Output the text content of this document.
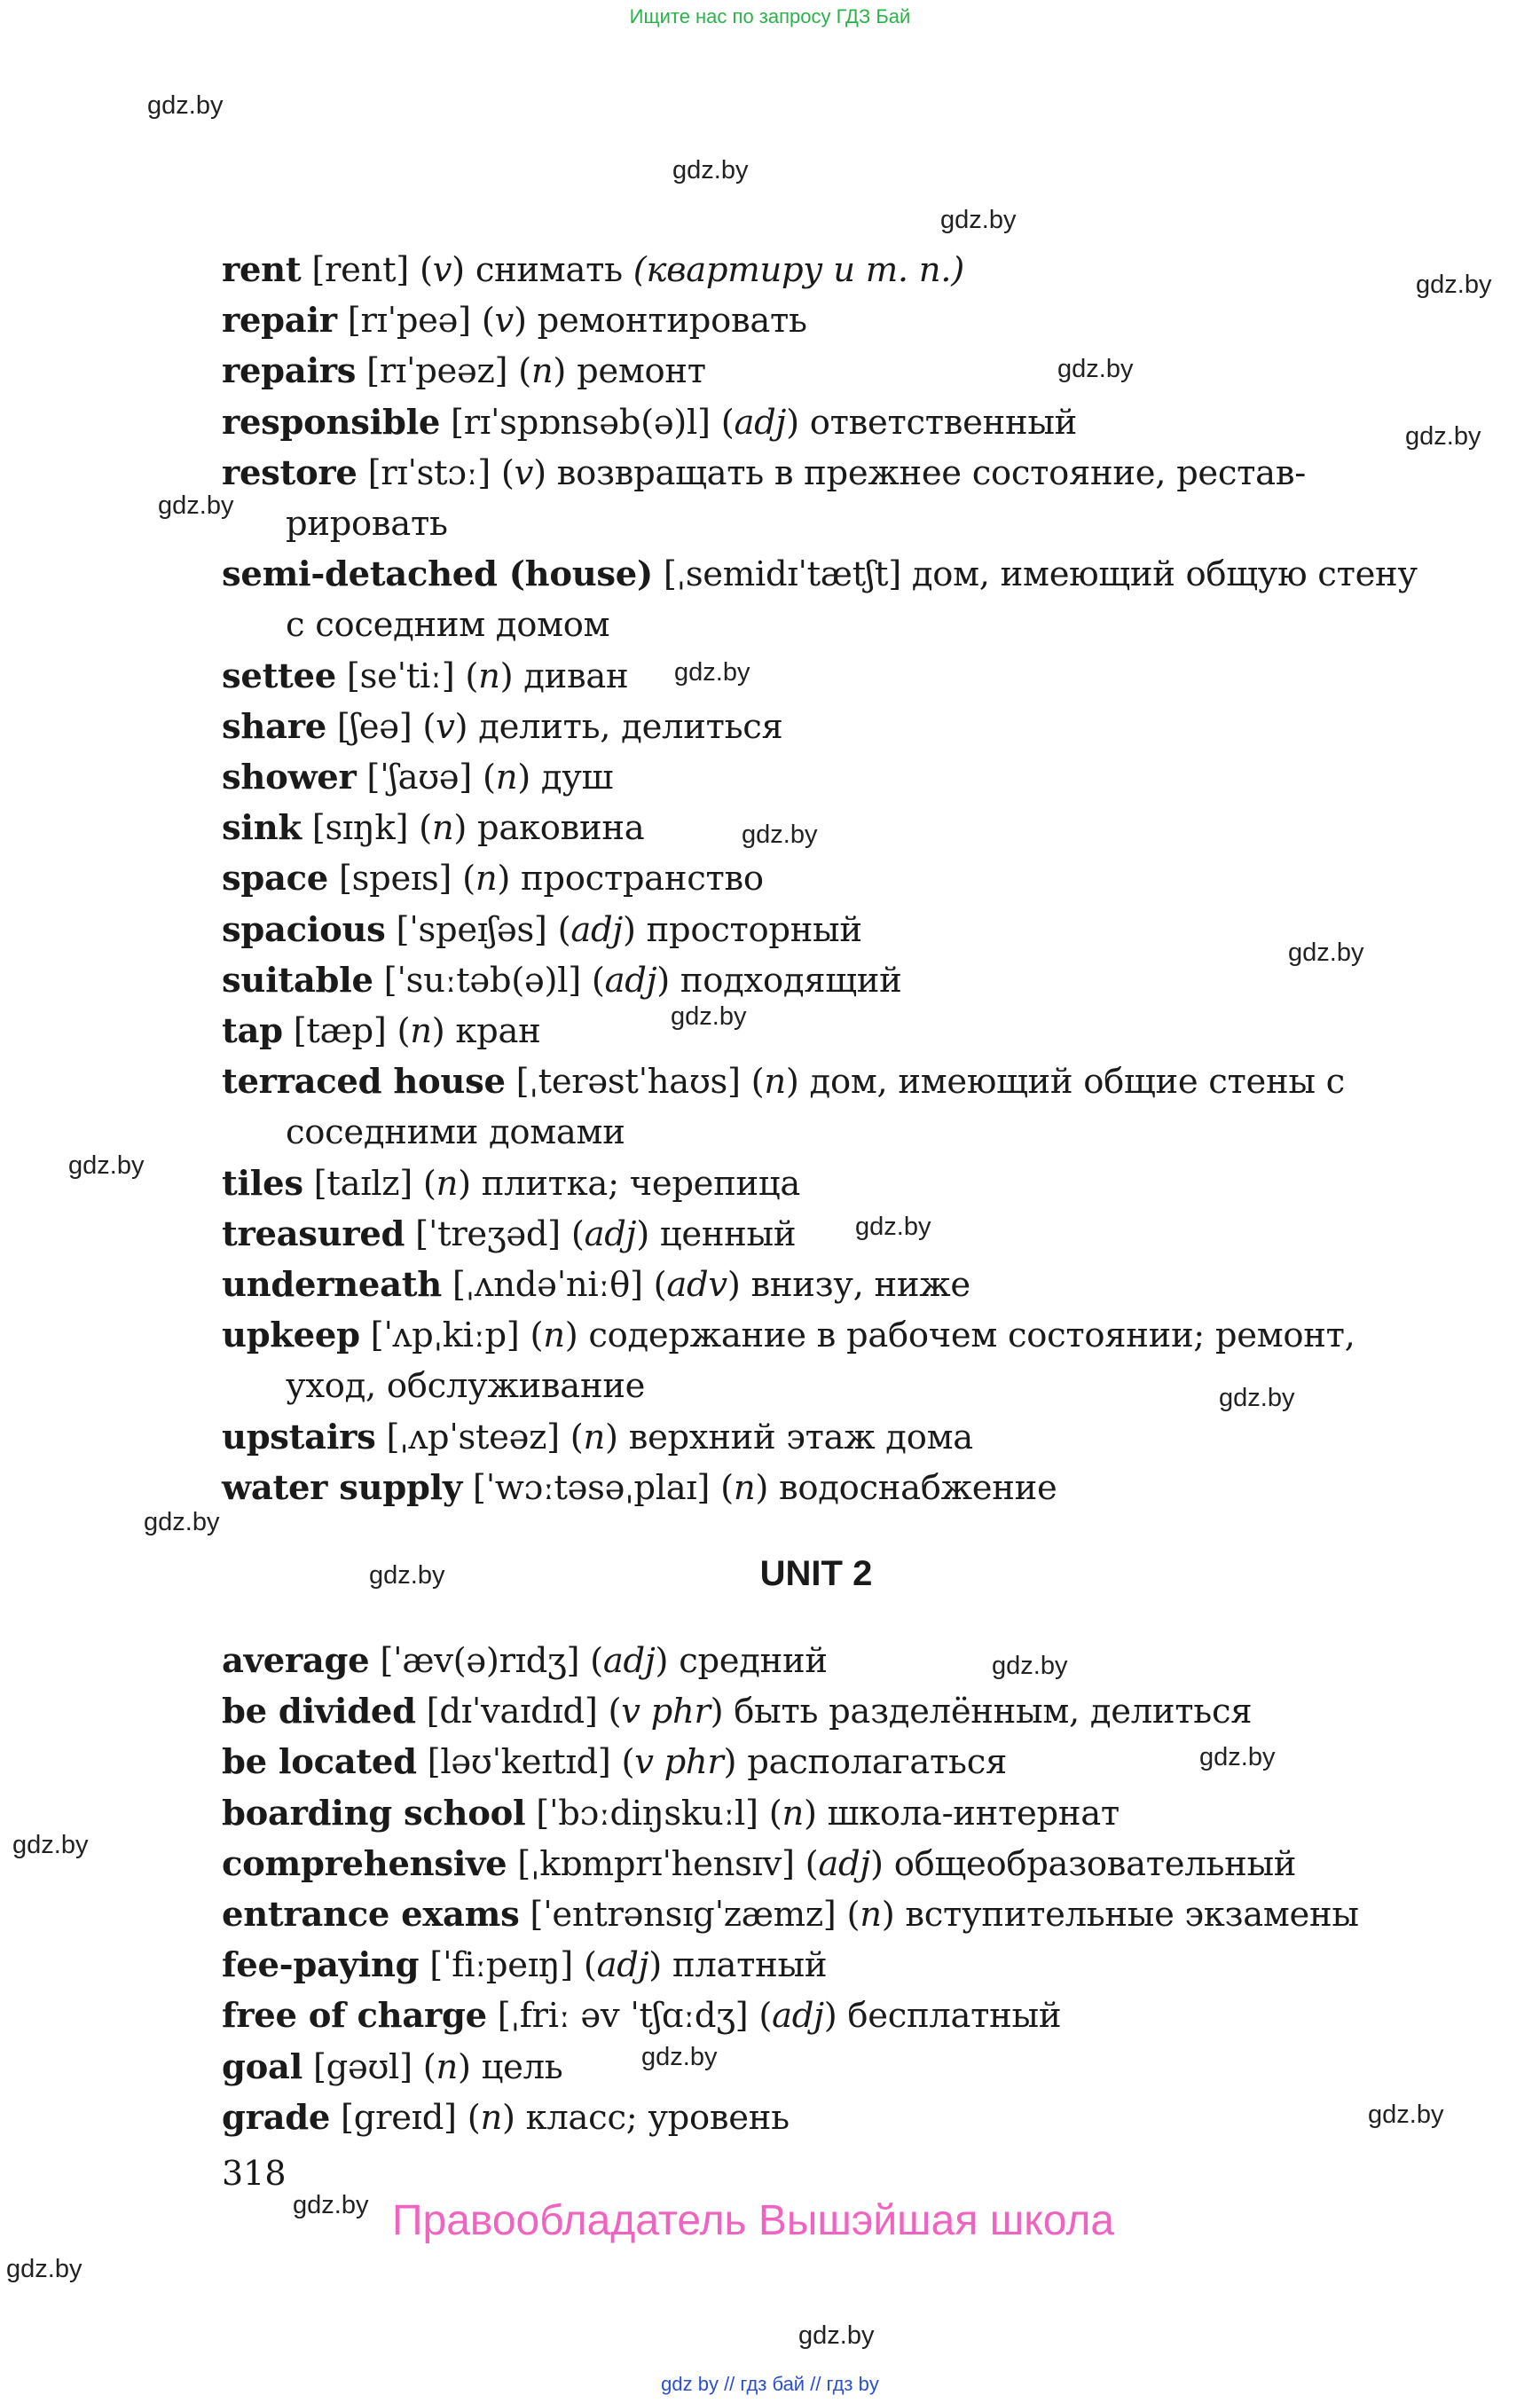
Ищите нас по запросу ГДЗ Бай
gdz.by
gdz.by
gdz.by
gdz.by
gdz.by
gdz.by
gdz.by
gdz.by
gdz.by
gdz.by
gdz.by
gdz.by
gdz.by
gdz.by
gdz.by
gdz.by
gdz.by
gdz.by
gdz.by
gdz.by
gdz.by
gdz.by
gdz.by
gdz.by
rent [rent] (v) снимать (квартиру и т. п.)
repair [rɪˈpeə] (v) ремонтировать
repairs [rɪˈpeəz] (n) ремонт
responsible [rɪˈspɒnsəb(ə)l] (adj) ответственный
restore [rɪˈstɔː] (v) возвращать в прежнее состояние, рестав‑
рировать
semi-detached (house) [ˌsemidɪˈtætʃt] дом, имеющий общую стену
с соседним домом
settee [seˈtiː] (n) диван
share [ʃeə] (v) делить, делиться
shower [ˈʃaʊə] (n) душ
sink [sɪŋk] (n) раковина
space [speɪs] (n) пространство
spacious [ˈspeɪʃəs] (adj) просторный
suitable [ˈsuːtəb(ə)l] (adj) подходящий
tap [tæp] (n) кран
terraced house [ˌterəstˈhaʊs] (n) дом, имеющий общие стены с
соседними домами
tiles [taɪlz] (n) плитка; черепица
treasured [ˈtreʒəd] (adj) ценный
underneath [ˌʌndəˈniːθ] (adv) внизу, ниже
upkeep [ˈʌpˌkiːp] (n) содержание в рабочем состоянии; ремонт,
уход, обслуживание
upstairs [ˌʌpˈsteəz] (n) верхний этаж дома
water supply [ˈwɔːtəsəˌplaɪ] (n) водоснабжение
UNIT 2
average [ˈæv(ə)rɪdʒ] (adj) средний
be divided [dɪˈvaɪdɪd] (v phr) быть разделённым, делиться
be located [ləʊˈkeɪtɪd] (v phr) располагаться
boarding school [ˈbɔːdiŋskuːl] (n) школа-интернат
comprehensive [ˌkɒmprɪˈhensɪv] (adj) общеобразовательный
entrance exams [ˈentrənsɪgˈzæmz] (n) вступительные экзамены
fee-paying [ˈfiːpeɪŋ] (adj) платный
free of charge [ˌfriː əv ˈtʃɑːdʒ] (adj) бесплатный
goal [gəʊl] (n) цель
grade [greɪd] (n) класс; уровень
318
Правообладатель Вышэйшая школа
gdz by // гдз бай // гдз by
